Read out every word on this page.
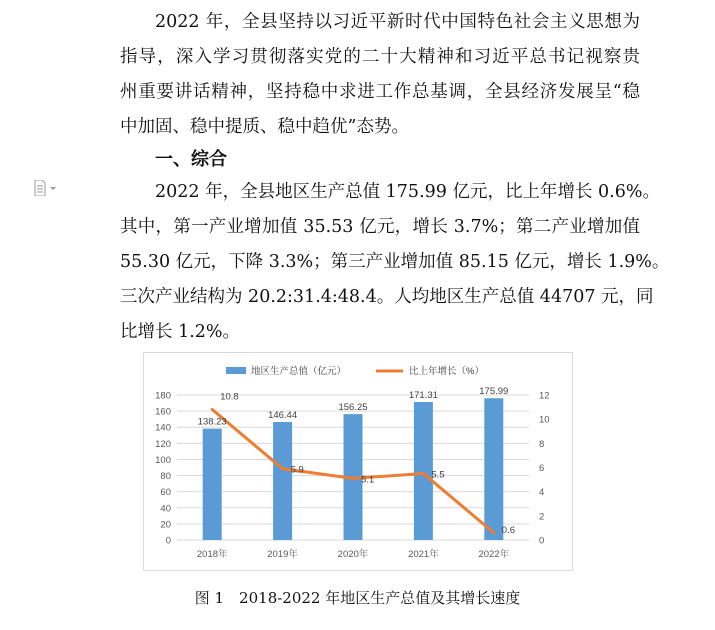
2022 年，全县坚持以习近平新时代中国特色社会主义思想为
指导，深入学习贯彻落实党的二十大精神和习近平总书记视察贵
州重要讲话精神，坚持稳中求进工作总基调，全县经济发展呈“稳
中加固、稳中提质、稳中趋优”态势。
一、综合
2022 年，全县地区生产总值 175.99 亿元，比上年增长 0.6%。
其中，第一产业增加值 35.53 亿元，增长 3.7%；第二产业增加值
55.30 亿元，下降 3.3%；第三产业增加值 85.15 亿元，增长 1.9%。
三次产业结构为 20.2:31.4:48.4。人均地区生产总值 44707 元，同
比增长 1.2%。
0
20
40
60
80
100
120
140
160
180
0
2
4
6
8
10
12
138.23
146.44
156.25
171.31	175.99
10.8
5.9
5.1	5.5
0.6
2018年	2019年	2020年	2021年	2022年
地区生产总值（亿元）	比上年增长（%）
图 1　2018-2022 年地区生产总值及其增长速度
